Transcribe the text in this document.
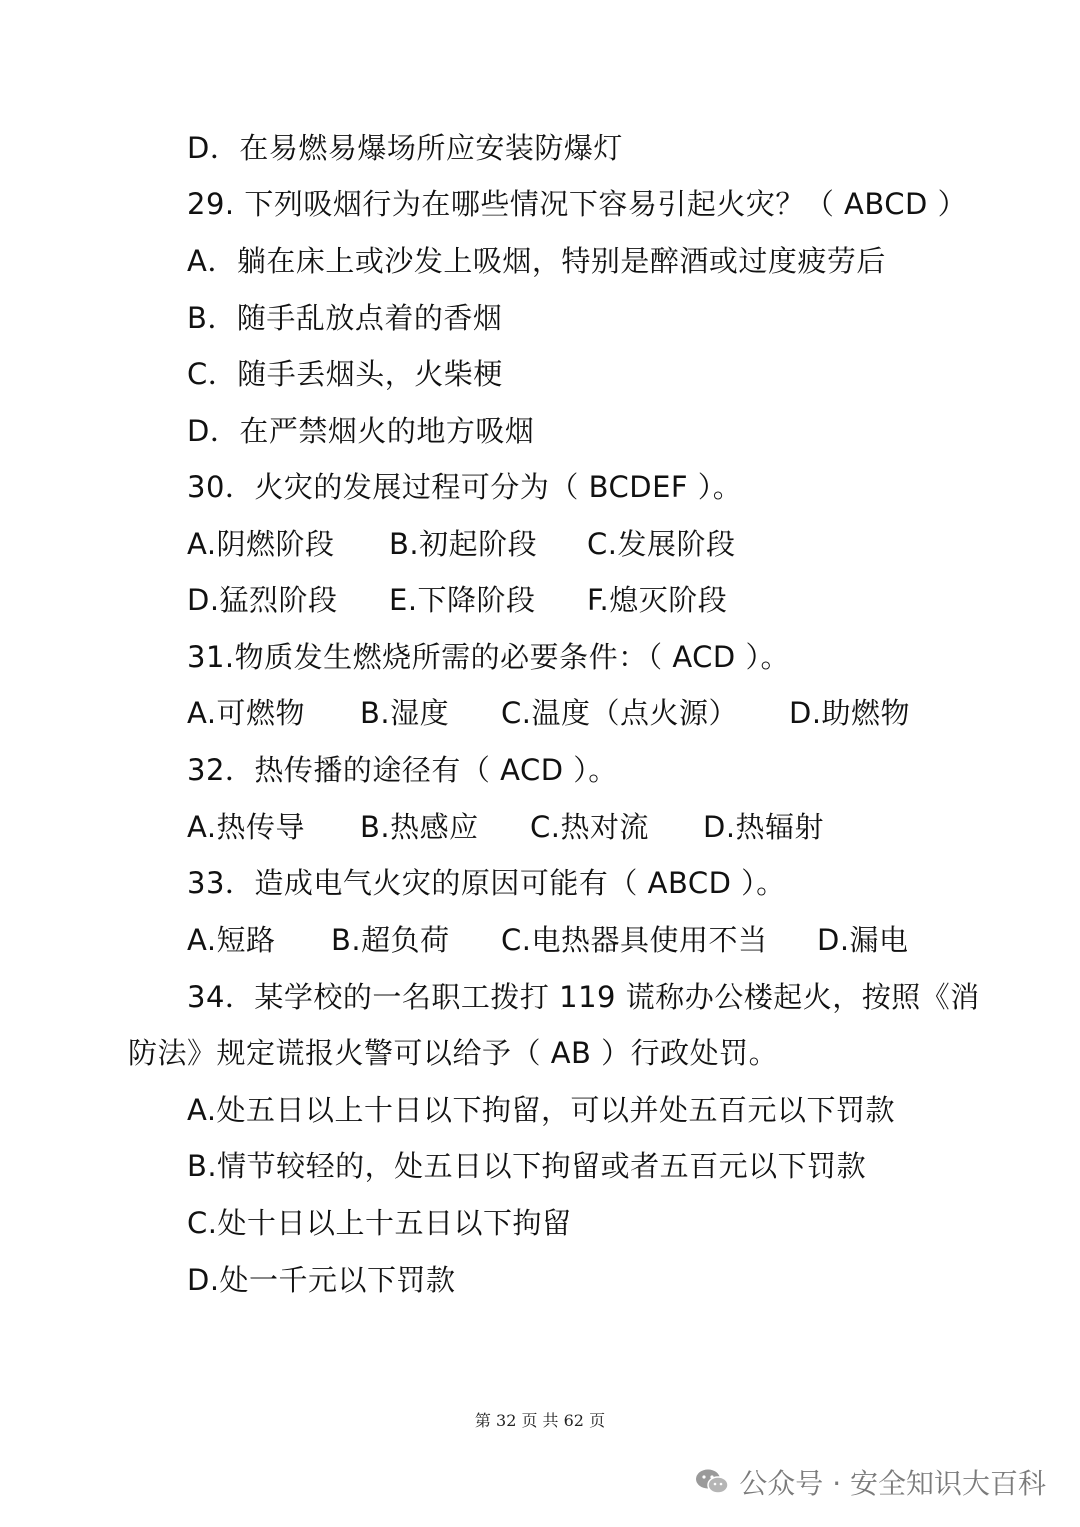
D．在易燃易爆场所应安装防爆灯
29. 下列吸烟行为在哪些情况下容易引起火灾？（ ABCD ）
A．躺在床上或沙发上吸烟，特别是醉酒或过度疲劳后
B．随手乱放点着的香烟
C．随手丢烟头，火柴梗
D．在严禁烟火的地方吸烟
30．火灾的发展过程可分为（ BCDEF ）。
A.阴燃阶段	B.初起阶段	C.发展阶段
D.猛烈阶段	E.下降阶段	F.熄灭阶段
31.物质发生燃烧所需的必要条件：（ ACD ）。
A.可燃物	B.湿度	C.温度（点火源）	D.助燃物
32．热传播的途径有（ ACD ）。
A.热传导	B.热感应	C.热对流	D.热辐射
33．造成电气火灾的原因可能有（ ABCD ）。
A.短路	B.超负荷	C.电热器具使用不当	D.漏电
34．某学校的一名职工拨打 119 谎称办公楼起火，按照《消
防法》规定谎报火警可以给予（ AB ）行政处罚。
A.处五日以上十日以下拘留，可以并处五百元以下罚款
B.情节较轻的，处五日以下拘留或者五百元以下罚款
C.处十日以上十五日以下拘留
D.处一千元以下罚款
第 32 页 共 62 页
公众号 · 安全知识大百科
